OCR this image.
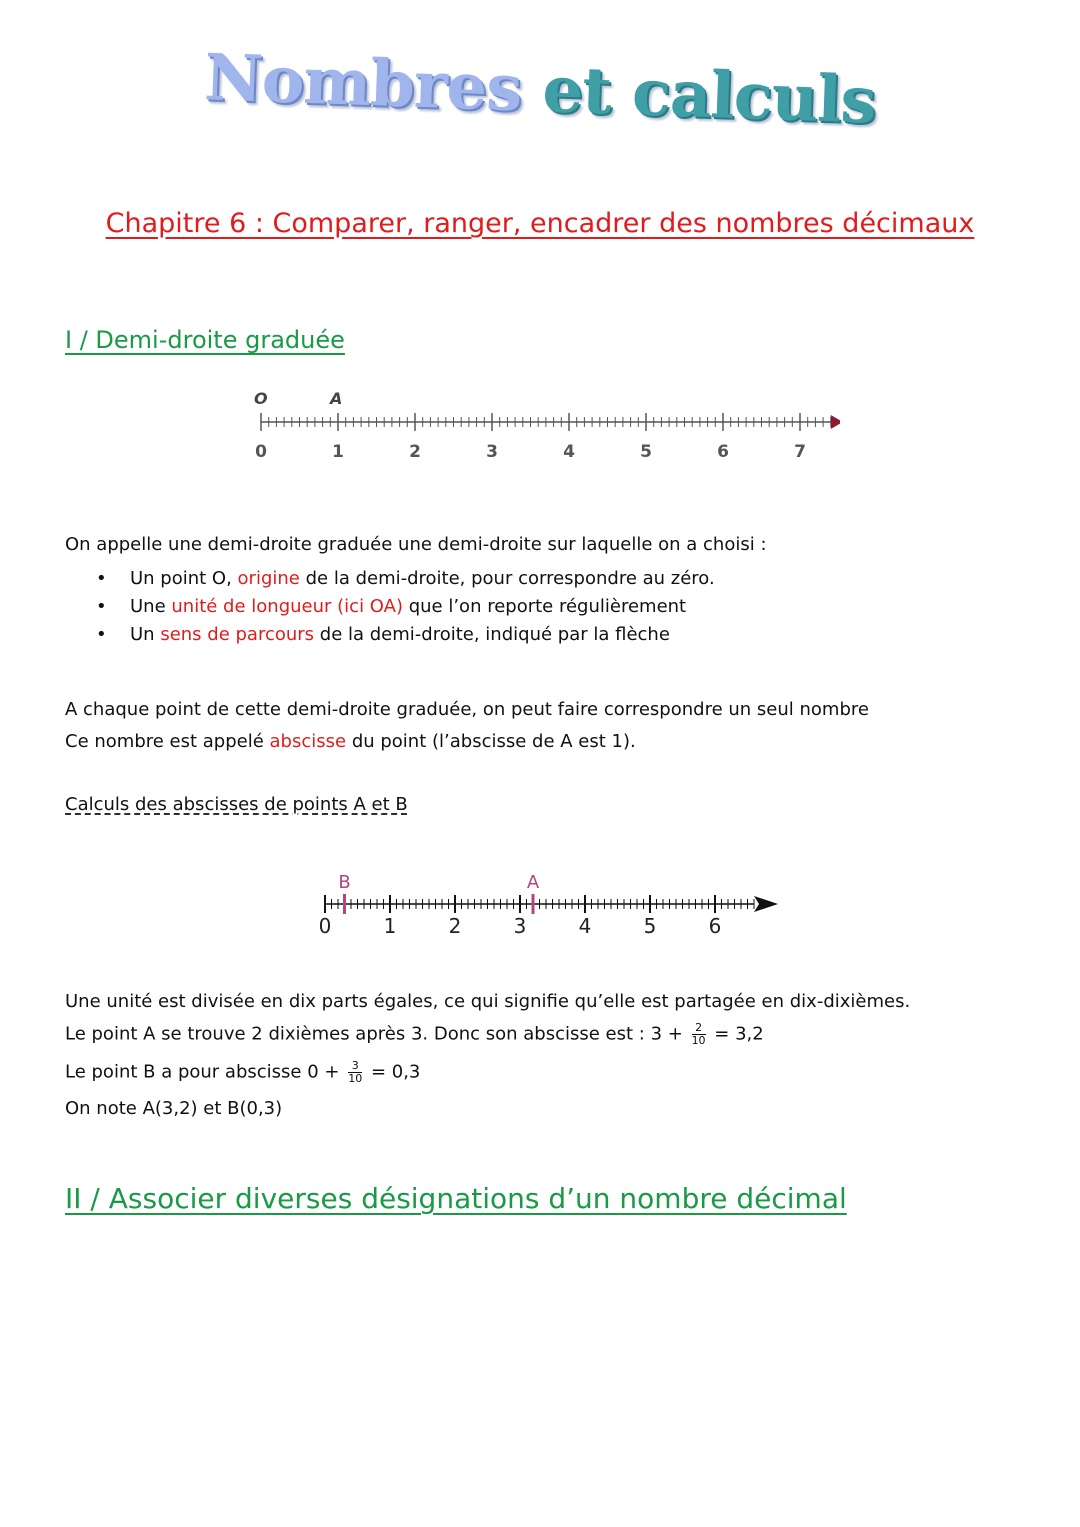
Nombres et calculs
Chapitre 6 : Comparer, ranger, encadrer des nombres décimaux
I / Demi-droite graduée
O	A
0	1	2	3	4	5	6	7
On appelle une demi-droite graduée une demi-droite sur laquelle on a choisi :
• Un point O, origine de la demi-droite, pour correspondre au zéro.
• Une unité de longueur (ici OA) que l’on reporte régulièrement
• Un sens de parcours de la demi-droite, indiqué par la flèche
A chaque point de cette demi-droite graduée, on peut faire correspondre un seul nombre
Ce nombre est appelé abscisse du point (l’abscisse de A est 1).
Calculs des abscisses de points A et B
B	A
0	1	2	3	4	5	6
Une unité est divisée en dix parts égales, ce qui signifie qu’elle est partagée en dix-dixièmes.
Le point A se trouve 2 dixièmes après 3. Donc son abscisse est : $3 + \frac{2}{10} = 3,2$
Le point B a pour abscisse $0 + \frac{3}{10} = 0,3$
On note A(3,2) et B(0,3)
II / Associer diverses désignations d’un nombre décimal
